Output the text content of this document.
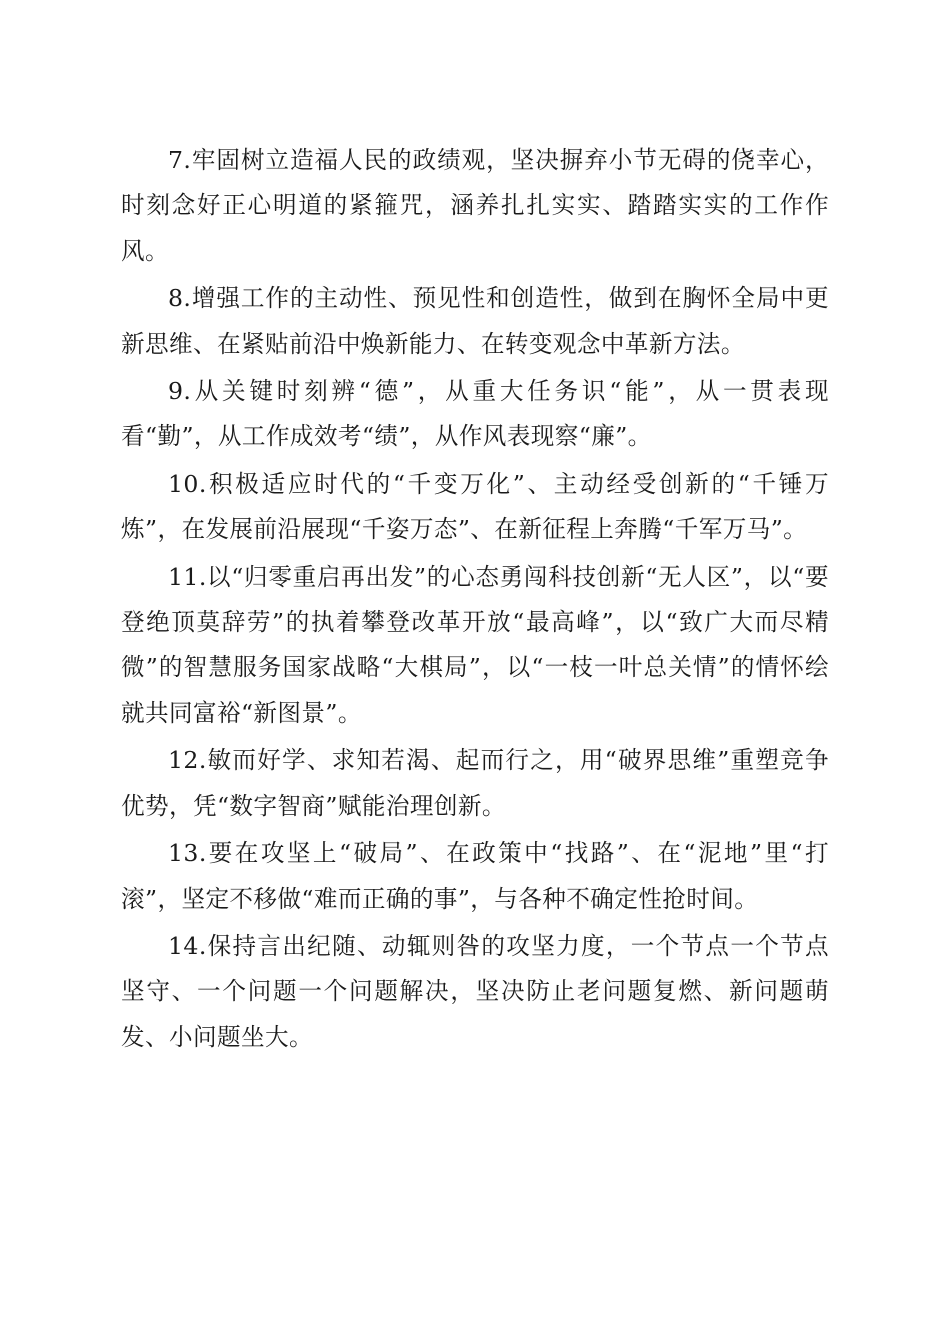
7.牢固树立造福人民的政绩观，坚决摒弃小节无碍的侥幸心，时刻念好正心明道的紧箍咒，涵养扎扎实实、踏踏实实的工作作风。

8.增强工作的主动性、预见性和创造性，做到在胸怀全局中更新思维、在紧贴前沿中焕新能力、在转变观念中革新方法。

9.从关键时刻辨“德”，从重大任务识“能”，从一贯表现看“勤”，从工作成效考“绩”，从作风表现察“廉”。

10.积极适应时代的“千变万化”、主动经受创新的“千锤万炼”，在发展前沿展现“千姿万态”、在新征程上奔腾“千军万马”。

11.以“归零重启再出发”的心态勇闯科技创新“无人区”，以“要登绝顶莫辞劳”的执着攀登改革开放“最高峰”，以“致广大而尽精微”的智慧服务国家战略“大棋局”，以“一枝一叶总关情”的情怀绘就共同富裕“新图景”。

12.敏而好学、求知若渴、起而行之，用“破界思维”重塑竞争优势，凭“数字智商”赋能治理创新。

13.要在攻坚上“破局”、在政策中“找路”、在“泥地”里“打滚”，坚定不移做“难而正确的事”，与各种不确定性抢时间。

14.保持言出纪随、动辄则咎的攻坚力度，一个节点一个节点坚守、一个问题一个问题解决，坚决防止老问题复燃、新问题萌发、小问题坐大。
